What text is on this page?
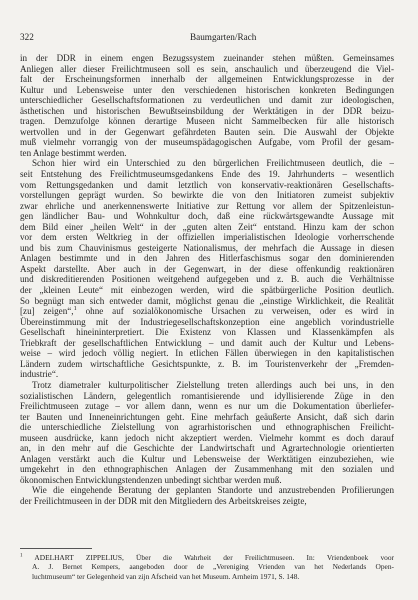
322	Baumgarten/Rach
in der DDR in einem engen Bezugssystem zueinander stehen müßten. Gemeinsames
Anliegen aller dieser Freilichtmuseen soll es sein, anschaulich und überzeugend die Viel-
falt der Erscheinungsformen innerhalb der allgemeinen Entwicklungsprozesse in der
Kultur und Lebensweise unter den verschiedenen historischen konkreten Bedingungen
unterschiedlicher Gesellschaftsformationen zu verdeutlichen und damit zur ideologischen,
ästhetischen und historischen Bewußtseinsbildung der Werktätigen in der DDR beizu-
tragen. Demzufolge können derartige Museen nicht Sammelbecken für alle historisch
wertvollen und in der Gegenwart gefährdeten Bauten sein. Die Auswahl der Objekte
muß vielmehr vorrangig von der museumspädagogischen Aufgabe, vom Profil der gesam-
ten Anlage bestimmt werden.
Schon hier wird ein Unterschied zu den bürgerlichen Freilichtmuseen deutlich, die –
seit Entstehung des Freilichtmuseumsgedankens Ende des 19. Jahrhunderts – wesentlich
vom Rettungsgedanken und damit letztlich von konservativ-reaktionären Gesellschafts-
vorstellungen geprägt wurden. So bewirkte die von den Initiatoren zumeist subjektiv
zwar ehrliche und anerkennenswerte Initiative zur Rettung vor allem der Spitzenleistun-
gen ländlicher Bau- und Wohnkultur doch, daß eine rückwärtsgewandte Aussage mit
dem Bild einer „heilen Welt“ in der „guten alten Zeit“ entstand. Hinzu kam der schon
vor dem ersten Weltkrieg in der offiziellen imperialistischen Ideologie vorherrschende
und bis zum Chauvinismus gesteigerte Nationalismus, der mehrfach die Aussage in diesen
Anlagen bestimmte und in den Jahren des Hitlerfaschismus sogar den dominierenden
Aspekt darstellte. Aber auch in der Gegenwart, in der diese offenkundig reaktionären
und diskreditierenden Positionen weitgehend aufgegeben und z. B. auch die Verhältnisse
der „kleinen Leute“ mit einbezogen werden, wird die spätbürgerliche Position deutlich.
So begnügt man sich entweder damit, möglichst genau die „einstige Wirklichkeit, die Realität
[zu] zeigen“,$^1$ ohne auf sozialökonomische Ursachen zu verweisen, oder es wird in
Übereinstimmung mit der Industriegesellschaftskonzeption eine angeblich vorindustrielle
Gesellschaft hineininterpretiert. Die Existenz von Klassen und Klassenkämpfen als
Triebkraft der gesellschaftlichen Entwicklung – und damit auch der Kultur und Lebens-
weise – wird jedoch völlig negiert. In etlichen Fällen überwiegen in den kapitalistischen
Ländern zudem wirtschaftliche Gesichtspunkte, z. B. im Touristenverkehr der „Fremden-
industrie“.
Trotz diametraler kulturpolitischer Zielstellung treten allerdings auch bei uns, in den
sozialistischen Ländern, gelegentlich romantisierende und idyllisierende Züge in den
Freilichtmuseen zutage – vor allem dann, wenn es nur um die Dokumentation überliefer-
ter Bauten und Inneneinrichtungen geht. Eine mehrfach geäußerte Ansicht, daß sich darin
die unterschiedliche Zielstellung von agrarhistorischen und ethnographischen Freilicht-
museen ausdrücke, kann jedoch nicht akzeptiert werden. Vielmehr kommt es doch darauf
an, in den mehr auf die Geschichte der Landwirtschaft und Agrartechnologie orientierten
Anlagen verstärkt auch die Kultur und Lebensweise der Werktätigen einzubeziehen, wie
umgekehrt in den ethnographischen Anlagen der Zusammenhang mit den sozialen und
ökonomischen Entwicklungstendenzen unbedingt sichtbar werden muß.
Wie die eingehende Beratung der geplanten Standorte und anzustrebenden Profilierungen
der Freilichtmuseen in der DDR mit den Mitgliedern des Arbeitskreises zeigte,
$^1$ ADELHART ZIPPELIUS, Über die Wahrheit der Freilichtmuseen. In: Vriendenboek voor
A. J. Bernet Kempers, aangeboden door de „Vereniging Vrienden van het Nederlands Open-
luchtmuseum“ ter Gelegenheid van zijn Afscheid van het Museum. Arnheim 1971, S. 148.
